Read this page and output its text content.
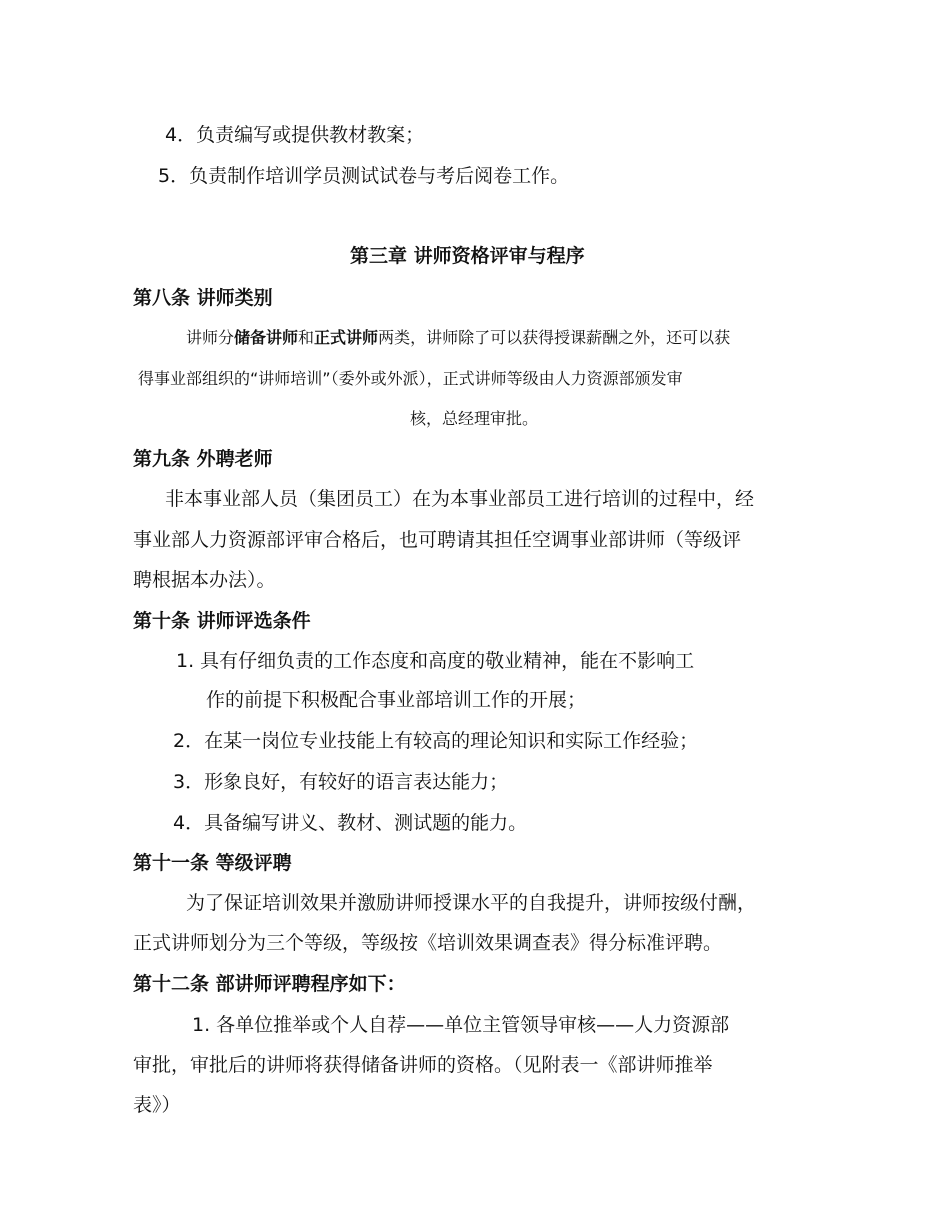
4．负责编写或提供教材教案；
5．负责制作培训学员测试试卷与考后阅卷工作。
第三章 讲师资格评审与程序
第八条 讲师类别
讲师分储备讲师和正式讲师两类，讲师除了可以获得授课薪酬之外，还可以获
得事业部组织的“讲师培训”（委外或外派），正式讲师等级由人力资源部颁发审
核，总经理审批。
第九条 外聘老师
非本事业部人员（集团员工）在为本事业部员工进行培训的过程中，经
事业部人力资源部评审合格后，也可聘请其担任空调事业部讲师（等级评
聘根据本办法）。
第十条 讲师评选条件
1. 具有仔细负责的工作态度和高度的敬业精神，能在不影响工
作的前提下积极配合事业部培训工作的开展；
2．在某一岗位专业技能上有较高的理论知识和实际工作经验；
3．形象良好，有较好的语言表达能力；
4．具备编写讲义、教材、测试题的能力。
第十一条 等级评聘
为了保证培训效果并激励讲师授课水平的自我提升，讲师按级付酬，
正式讲师划分为三个等级，等级按《培训效果调查表》得分标准评聘。
第十二条 部讲师评聘程序如下：
1. 各单位推举或个人自荐——单位主管领导审核——人力资源部
审批，审批后的讲师将获得储备讲师的资格。（见附表一《部讲师推举
表》）
